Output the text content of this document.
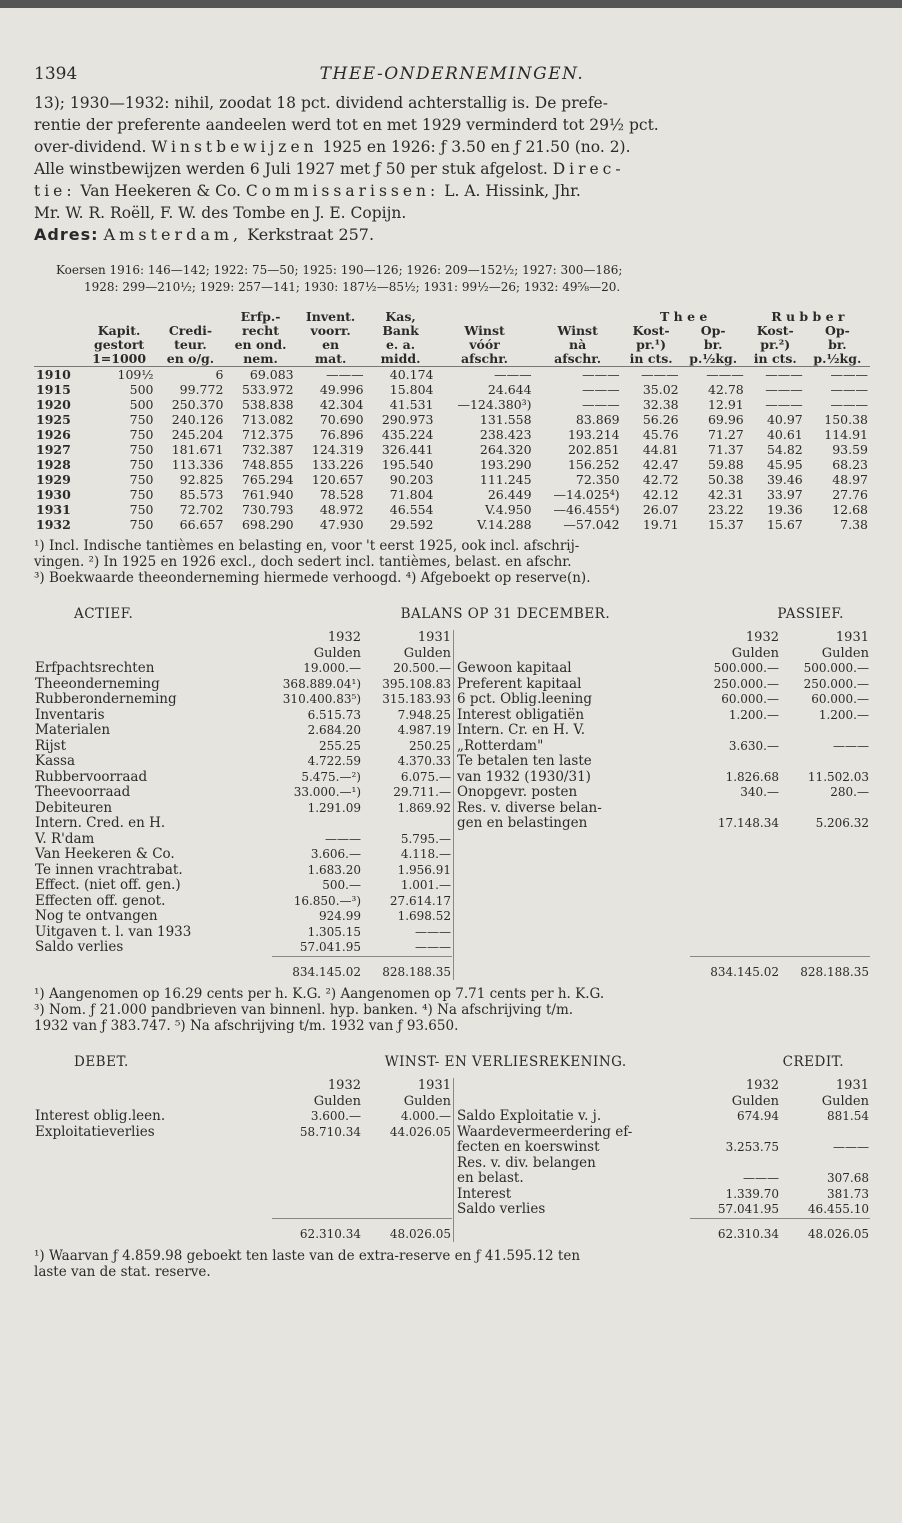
1394	THEE-ONDERNEMINGEN.

13); 1930—1932: nihil, zoodat 18 pct. dividend achterstallig is. De prefe-

rentie der preferente aandeelen werd tot en met 1929 verminderd tot 29½ pct.

over-dividend. Winstbewijzen 1925 en 1926: ƒ 3.50 en ƒ 21.50 (no. 2).

Alle winstbewijzen werden 6 Juli 1927 met ƒ 50 per stuk afgelost. Direc-

tie: Van Heekeren & Co. Commissarissen: L. A. Hissink, Jhr.

Mr. W. R. Roëll, F. W. des Tombe en J. E. Copijn.

Adres: Amsterdam, Kerkstraat 257.

Koersen 1916: 146—142; 1922: 75—50; 1925: 190—126; 1926: 209—152½; 1927: 300—186;
1928: 299—210½; 1929: 257—141; 1930: 187½—85½; 1931: 99½—26; 1932: 49⅝—20.
			Erfp.-	Invent.	Kas,			T h e e		R u b b e r	
	Kapit.	Credi-	recht	voorr.	Bank	Winst	Winst	Kost-	Op-	Kost-	Op-
	gestort	teur.	en ond.	en	e. a.	vóór	nà	pr.¹)	br.	pr.²)	br.
	1=1000	en o/g.	nem.	mat.	midd.	afschr.	afschr.	in cts.	p.½kg.	in cts.	p.½kg.
1910	109½	6	69.083	———	40.174	———	———	———	———	———	———
1915	500	99.772	533.972	49.996	15.804	24.644	———	35.02	42.78	———	———
1920	500	250.370	538.838	42.304	41.531	—124.380³)	———	32.38	12.91	———	———
1925	750	240.126	713.082	70.690	290.973	131.558	83.869	56.26	69.96	40.97	150.38
1926	750	245.204	712.375	76.896	435.224	238.423	193.214	45.76	71.27	40.61	114.91
1927	750	181.671	732.387	124.319	326.441	264.320	202.851	44.81	71.37	54.82	93.59
1928	750	113.336	748.855	133.226	195.540	193.290	156.252	42.47	59.88	45.95	68.23
1929	750	92.825	765.294	120.657	90.203	111.245	72.350	42.72	50.38	39.46	48.97
1930	750	85.573	761.940	78.528	71.804	26.449	—14.025⁴)	42.12	42.31	33.97	27.76
1931	750	72.702	730.793	48.972	46.554	V.4.950	—46.455⁴)	26.07	23.22	19.36	12.68
1932	750	66.657	698.290	47.930	29.592	V.14.288	—57.042	19.71	15.37	15.67	7.38
¹) Incl. Indische tantièmes en belasting en, voor 't eerst 1925, ook incl. afschrij-
vingen. ²) In 1925 en 1926 excl., doch sedert incl. tantièmes, belast. en afschr.
³) Boekwaarde theeonderneming hiermede verhoogd. ⁴) Afgeboekt op reserve(n).
ACTIEF.	BALANS OP 31 DECEMBER.	PASSIEF.
	1932	1931
	Gulden	Gulden
Erfpachtsrechten	19.000.—	20.500.—
Theeonderneming	368.889.04¹)	395.108.83
Rubberonderneming	310.400.83⁵)	315.183.93
Inventaris	6.515.73	7.948.25
Materialen	2.684.20	4.987.19
Rijst	255.25	250.25
Kassa	4.722.59	4.370.33
Rubbervoorraad	5.475.—²)	6.075.—
Theevoorraad	33.000.—¹)	29.711.—
Debiteuren	1.291.09	1.869.92
Intern. Cred. en H.		
V. R'dam	———	5.795.—
Van Heekeren & Co.	3.606.—	4.118.—
Te innen vrachtrabat.	1.683.20	1.956.91
Effect. (niet off. gen.)	500.—	1.001.—
Effecten off. genot.	16.850.—³)	27.614.17
Nog te ontvangen	924.99	1.698.52
Uitgaven t. l. van 1933	1.305.15	———
Saldo verlies	57.041.95	———
	834.145.02	828.188.35
	1932	1931
	Gulden	Gulden
Gewoon kapitaal	500.000.—	500.000.—
Preferent kapitaal	250.000.—	250.000.—
6 pct. Oblig.leening	60.000.—	60.000.—
Interest obligatiën	1.200.—	1.200.—
Intern. Cr. en H. V.		
„Rotterdam"	3.630.—	———
Te betalen ten laste		
van 1932 (1930/31)	1.826.68	11.502.03
Onopgevr. posten	340.—	280.—
Res. v. diverse belan-		
gen en belastingen	17.148.34	5.206.32

	834.145.02	828.188.35
¹) Aangenomen op 16.29 cents per h. K.G. ²) Aangenomen op 7.71 cents per h. K.G.
³) Nom. ƒ 21.000 pandbrieven van binnenl. hyp. banken. ⁴) Na afschrijving t/m.
1932 van ƒ 383.747. ⁵) Na afschrijving t/m. 1932 van ƒ 93.650.
DEBET.	WINST- EN VERLIESREKENING.	CREDIT.
	1932	1931
	Gulden	Gulden
Interest oblig.leen.	3.600.—	4.000.—
Exploitatieverlies	58.710.34	44.026.05

	62.310.34	48.026.05
	1932	1931
	Gulden	Gulden
Saldo Exploitatie v. j.	674.94	881.54
Waardevermeerdering ef-		
fecten en koerswinst	3.253.75	———
Res. v. div. belangen		
en belast.	———	307.68
Interest	1.339.70	381.73
Saldo verlies	57.041.95	46.455.10
	62.310.34	48.026.05
¹) Waarvan ƒ 4.859.98 geboekt ten laste van de extra-reserve en ƒ 41.595.12 ten
laste van de stat. reserve.
